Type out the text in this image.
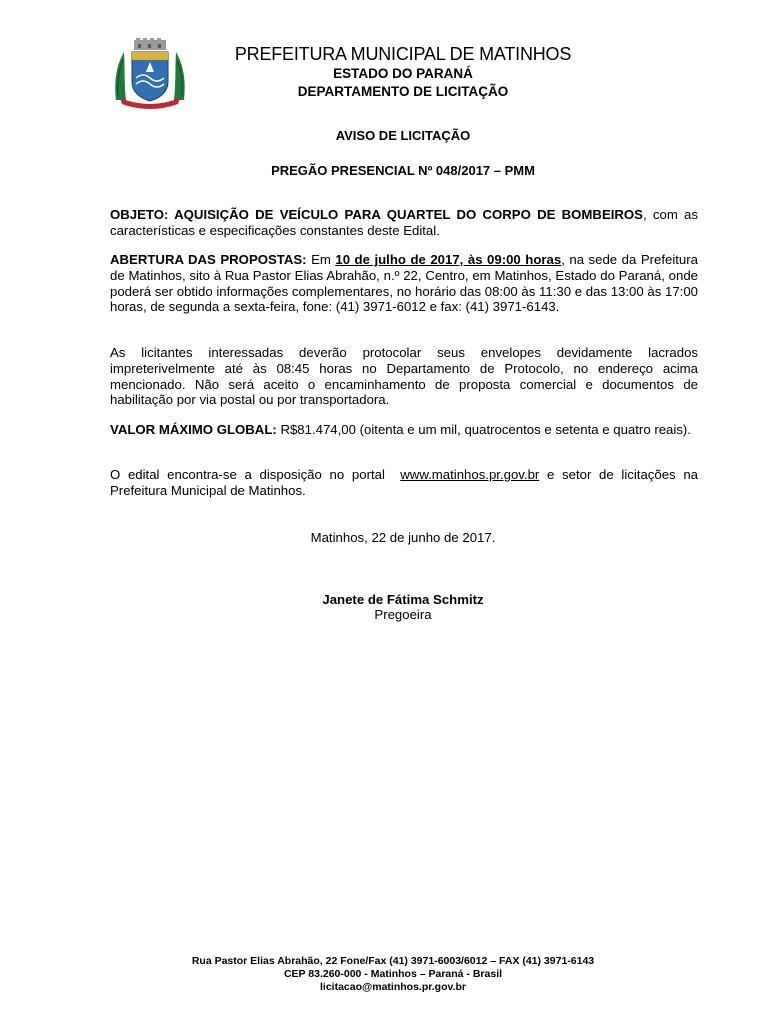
PREFEITURA MUNICIPAL DE MATINHOS
ESTADO DO PARANÁ
DEPARTAMENTO DE LICITAÇÃO
AVISO DE LICITAÇÃO
PREGÃO PRESENCIAL Nº 048/2017 – PMM
OBJETO: AQUISIÇÃO DE VEÍCULO PARA QUARTEL DO CORPO DE BOMBEIROS, com as características e especificações constantes deste Edital.
ABERTURA DAS PROPOSTAS: Em 10 de julho de 2017, às 09:00 horas, na sede da Prefeitura de Matinhos, sito à Rua Pastor Elias Abrahão, n.º 22, Centro, em Matinhos, Estado do Paraná, onde poderá ser obtido informações complementares, no horário das 08:00 às 11:30 e das 13:00 às 17:00 horas, de segunda a sexta-feira, fone: (41) 3971-6012 e fax: (41) 3971-6143.
As licitantes interessadas deverão protocolar seus envelopes devidamente lacrados impreterivelmente até às 08:45 horas no Departamento de Protocolo, no endereço acima mencionado. Não será aceito o encaminhamento de proposta comercial e documentos de habilitação por via postal ou por transportadora.
VALOR MÁXIMO GLOBAL: R$81.474,00 (oitenta e um mil, quatrocentos e setenta e quatro reais).
O edital encontra-se a disposição no portal  www.matinhos.pr.gov.br e setor de licitações na Prefeitura Municipal de Matinhos.
Matinhos, 22 de junho de 2017.
Janete de Fátima Schmitz
Pregoeira
Rua Pastor Elias Abrahão, 22 Fone/Fax (41) 3971-6003/6012 – FAX (41) 3971-6143
CEP 83.260-000 - Matinhos – Paraná - Brasil
licitacao@matinhos.pr.gov.br
